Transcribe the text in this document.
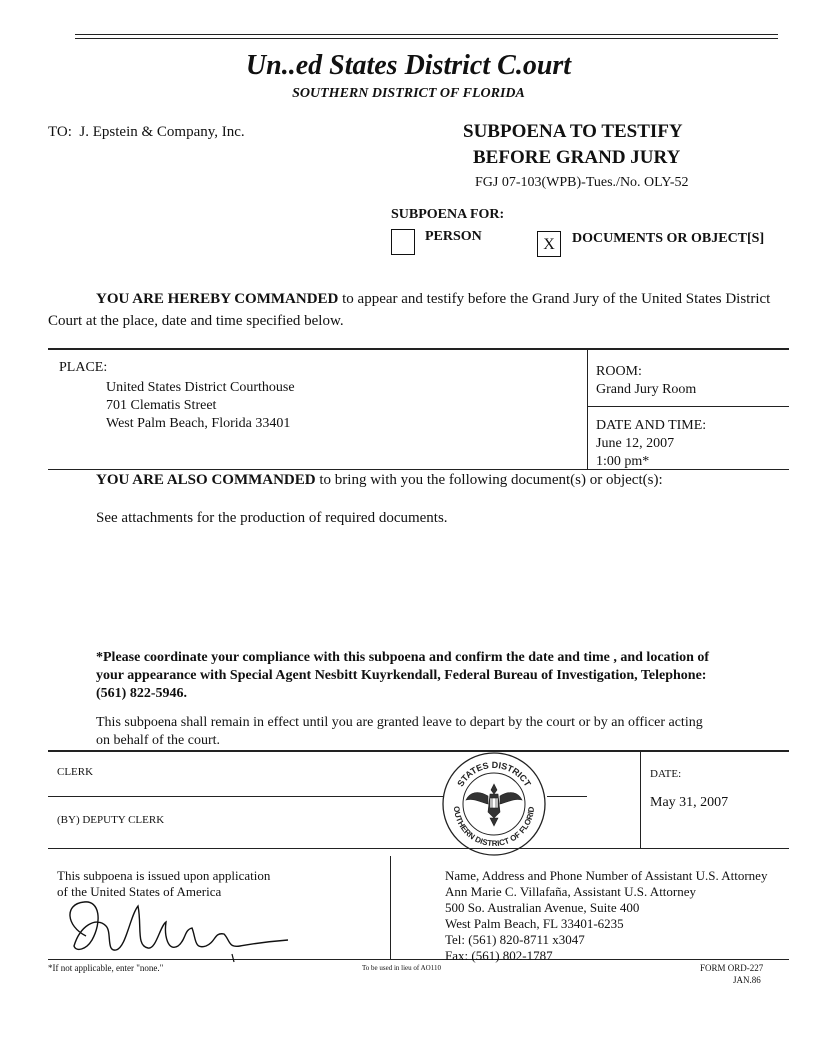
Un..ed States District C.ourt
SOUTHERN DISTRICT OF FLORIDA
TO: J. Epstein & Company, Inc.	SUBPOENA TO TESTIFY
BEFORE GRAND JURY
FGJ 07-103(WPB)-Tues./No. OLY-52
SUBPOENA FOR:
PERSON	X	DOCUMENTS OR OBJECT[S]
YOU ARE HEREBY COMMANDED to appear and testify before the Grand Jury of the United States District
Court at the place, date and time specified below.
PLACE:
United States District Courthouse
701 Clematis Street
West Palm Beach, Florida 33401
ROOM:
Grand Jury Room
DATE AND TIME:
June 12, 2007
1:00 pm*
YOU ARE ALSO COMMANDED to bring with you the following document(s) or object(s):
See attachments for the production of required documents.
*Please coordinate your compliance with this subpoena and confirm the date and time , and location of
your appearance with Special Agent Nesbitt Kuyrkendall, Federal Bureau of Investigation, Telephone:
(561) 822-5946.
This subpoena shall remain in effect until you are granted leave to depart by the court or by an officer acting
on behalf of the court.
CLERK
(BY) DEPUTY CLERK
DATE:
May 31, 2007
STATES DISTRICT
OUTHERN DISTRICT OF FLORID
This subpoena is issued upon application
of the United States of America
Name, Address and Phone Number of Assistant U.S. Attorney
Ann Marie C. Villafaña, Assistant U.S. Attorney
500 So. Australian Avenue, Suite 400
West Palm Beach, FL 33401-6235
Tel: (561) 820-8711 x3047
Fax: (561) 802-1787
*If not applicable, enter "none."	To be used in lieu of AO110	FORM ORD-227
JAN.86
